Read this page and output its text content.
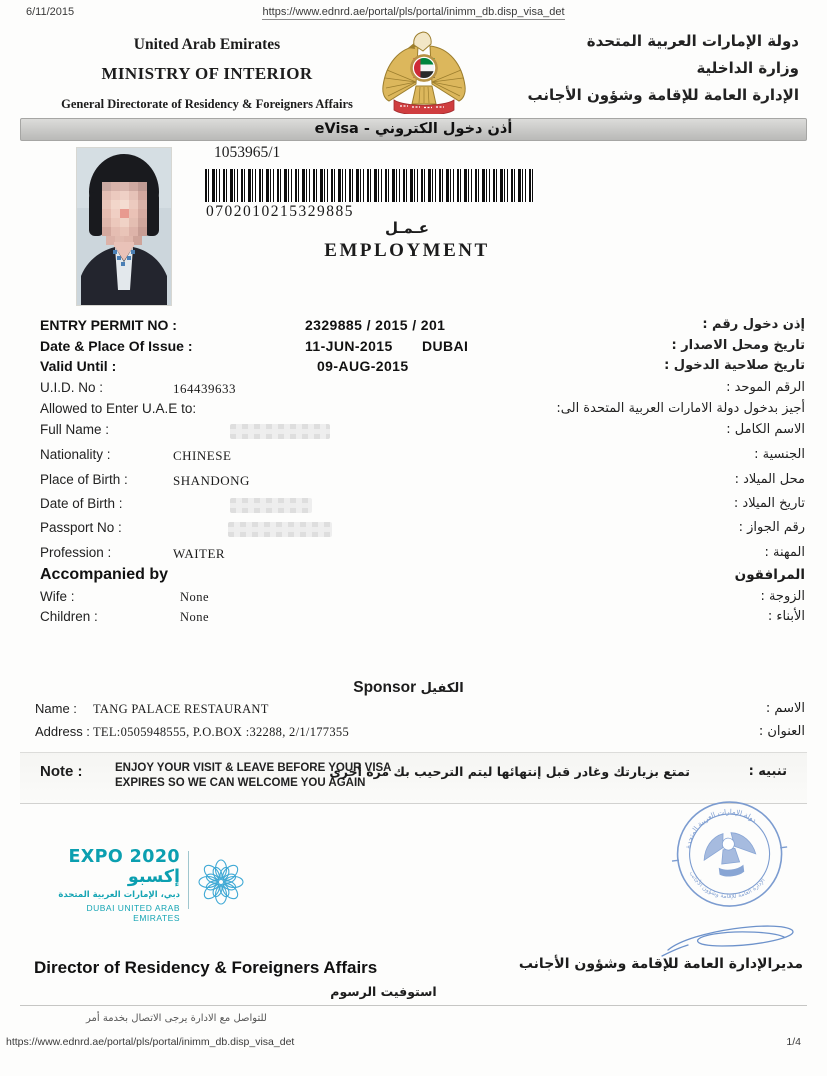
6/11/2015	https://www.ednrd.ae/portal/pls/portal/inimm_db.disp_visa_det
United Arab Emirates
MINISTRY OF INTERIOR
General Directorate of Residency & Foreigners Affairs
دولة الإمارات العربية المتحدة
وزارة الداخلية
الإدارة العامة للإقامة وشؤون الأجانب
eVisa - أذن دخول الكتروني
1053965/1
0702010215329885
عـمـل
EMPLOYMENT
ENTRY PERMIT NO :	2329885 / 2015 / 201	إذن دخول رقم :
Date & Place Of Issue :	11-JUN-2015 DUBAI	تاريخ ومحل الاصدار :
Valid Until :	09-AUG-2015	تاريخ صلاحية الدخول :
U.I.D. No :	164439633	الرقم الموحد :
Allowed to Enter U.A.E to:	أجيز بدخول دولة الامارات العربية المتحدة الى:
Full Name :	الاسم الكامل :
Nationality :	CHINESE	الجنسية :
Place of Birth :	SHANDONG	محل الميلاد :
Date of Birth :	تاريخ الميلاد :
Passport No :	رقم الجواز :
Profession :	WAITER	المهنة :
Accompanied by	المرافقون
Wife :	None	الزوجة :
Children :	None	الأبناء :
Sponsor الكفيل
Name : TANG PALACE RESTAURANT	الاسم :
Address : TEL:0505948555, P.O.BOX :32288, 2/1/177355	العنوان :
Note :	ENJOY YOUR VISIT & LEAVE BEFORE YOUR VISA
EXPIRES SO WE CAN WELCOME YOU AGAIN
تمتع بزيارتك وغادر قبل إنتهائها ليتم الترحيب بك مرة أخرى	تنبيه :
EXPO 2020 إكسبو
دبي، الإمارات العربية المتحدة
DUBAI UNITED ARAB EMIRATES
دولة الإمارات العربية المتحدة
الإدارة العامة للإقامة وشؤون الأجانب
Director of Residency & Foreigners Affairs	مديرالإدارة العامة للإقامة وشؤون الأجانب
استوفيت الرسوم
للتواصل مع الادارة يرجى الاتصال بخدمة أمر
https://www.ednrd.ae/portal/pls/portal/inimm_db.disp_visa_det	1/4
